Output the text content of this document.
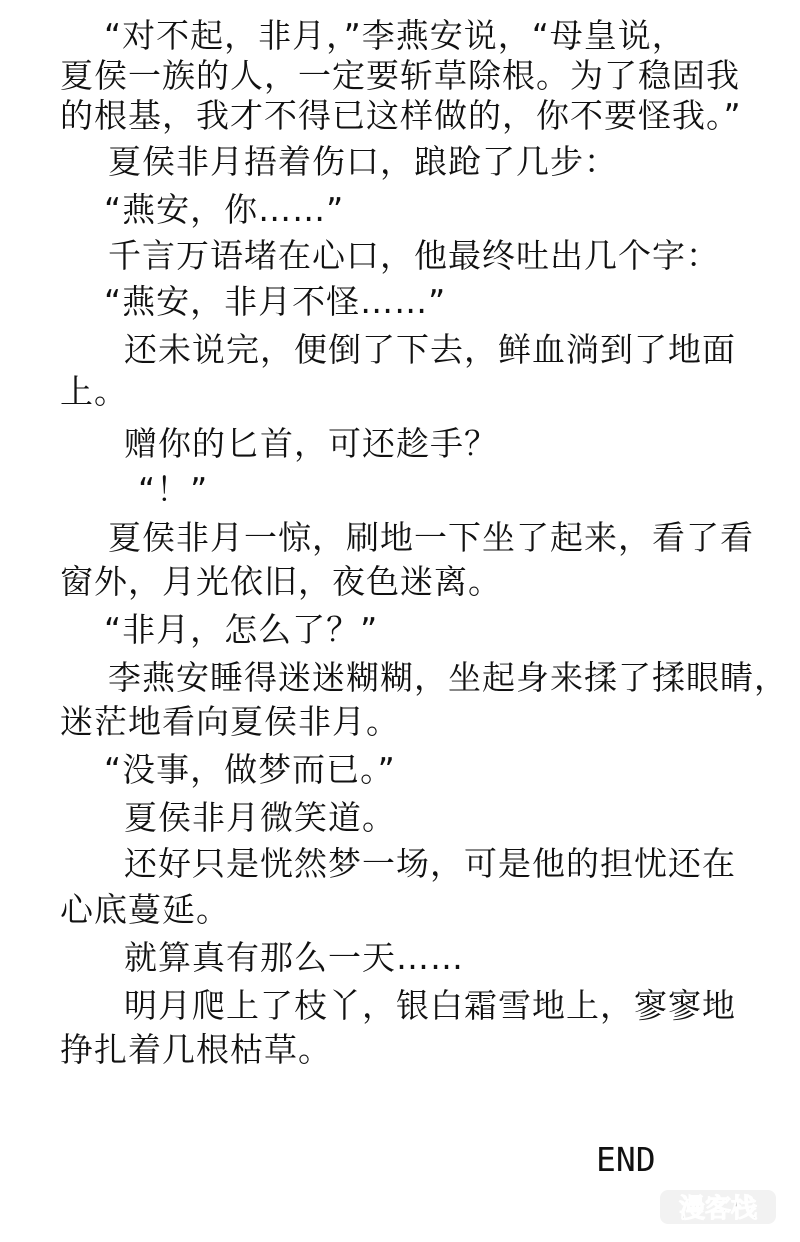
“对不起，非月，”李燕安说，“母皇说，
夏侯一族的人，一定要斩草除根。为了稳固我
的根基，我才不得已这样做的，你不要怪我。”
夏侯非月捂着伤口，踉跄了几步：
“燕安，你……”
千言万语堵在心口，他最终吐出几个字：
“燕安，非月不怪……”
还未说完，便倒了下去，鲜血淌到了地面
上。
赠你的匕首，可还趁手？
“！”
夏侯非月一惊，刷地一下坐了起来，看了看
窗外，月光依旧，夜色迷离。
“非月，怎么了？”
李燕安睡得迷迷糊糊，坐起身来揉了揉眼睛，
迷茫地看向夏侯非月。
“没事，做梦而已。”
夏侯非月微笑道。
还好只是恍然梦一场，可是他的担忧还在
心底蔓延。
就算真有那么一天……
明月爬上了枝丫，银白霜雪地上，寥寥地
挣扎着几根枯草。
END
漫客栈
